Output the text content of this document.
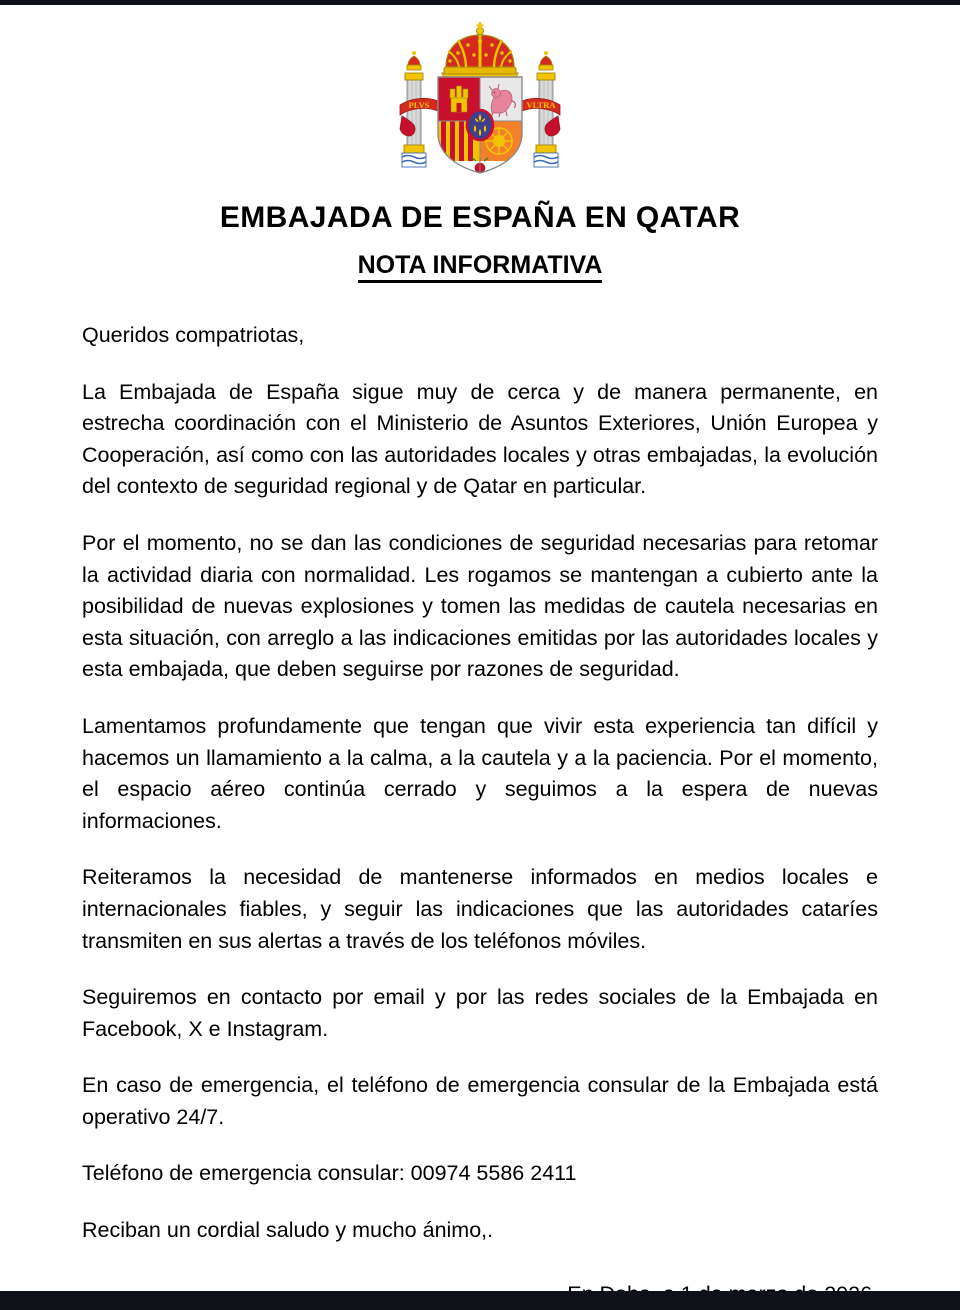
PLVS	VLTRA
EMBAJADA DE ESPAÑA EN QATAR
NOTA INFORMATIVA

Queridos compatriotas,

La Embajada de España sigue muy de cerca y de manera permanente, en estrecha coordinación con el Ministerio de Asuntos Exteriores, Unión Europea y Cooperación, así como con las autoridades locales y otras embajadas, la evolución del contexto de seguridad regional y de Qatar en particular.

Por el momento, no se dan las condiciones de seguridad necesarias para retomar la actividad diaria con normalidad. Les rogamos se mantengan a cubierto ante la posibilidad de nuevas explosiones y tomen las medidas de cautela necesarias en esta situación, con arreglo a las indicaciones emitidas por las autoridades locales y esta embajada, que deben seguirse por razones de seguridad.

Lamentamos profundamente que tengan que vivir esta experiencia tan difícil y hacemos un llamamiento a la calma, a la cautela y a la paciencia. Por el momento, el espacio aéreo continúa cerrado y seguimos a la espera de nuevas informaciones.

Reiteramos la necesidad de mantenerse informados en medios locales e internacionales fiables, y seguir las indicaciones que las autoridades cataríes transmiten en sus alertas a través de los teléfonos móviles.

Seguiremos en contacto por email y por las redes sociales de la Embajada en Facebook, X e Instagram.

En caso de emergencia, el teléfono de emergencia consular de la Embajada está operativo 24/7.

Teléfono de emergencia consular: 00974 5586 2411

Reciban un cordial saludo y mucho ánimo,.
